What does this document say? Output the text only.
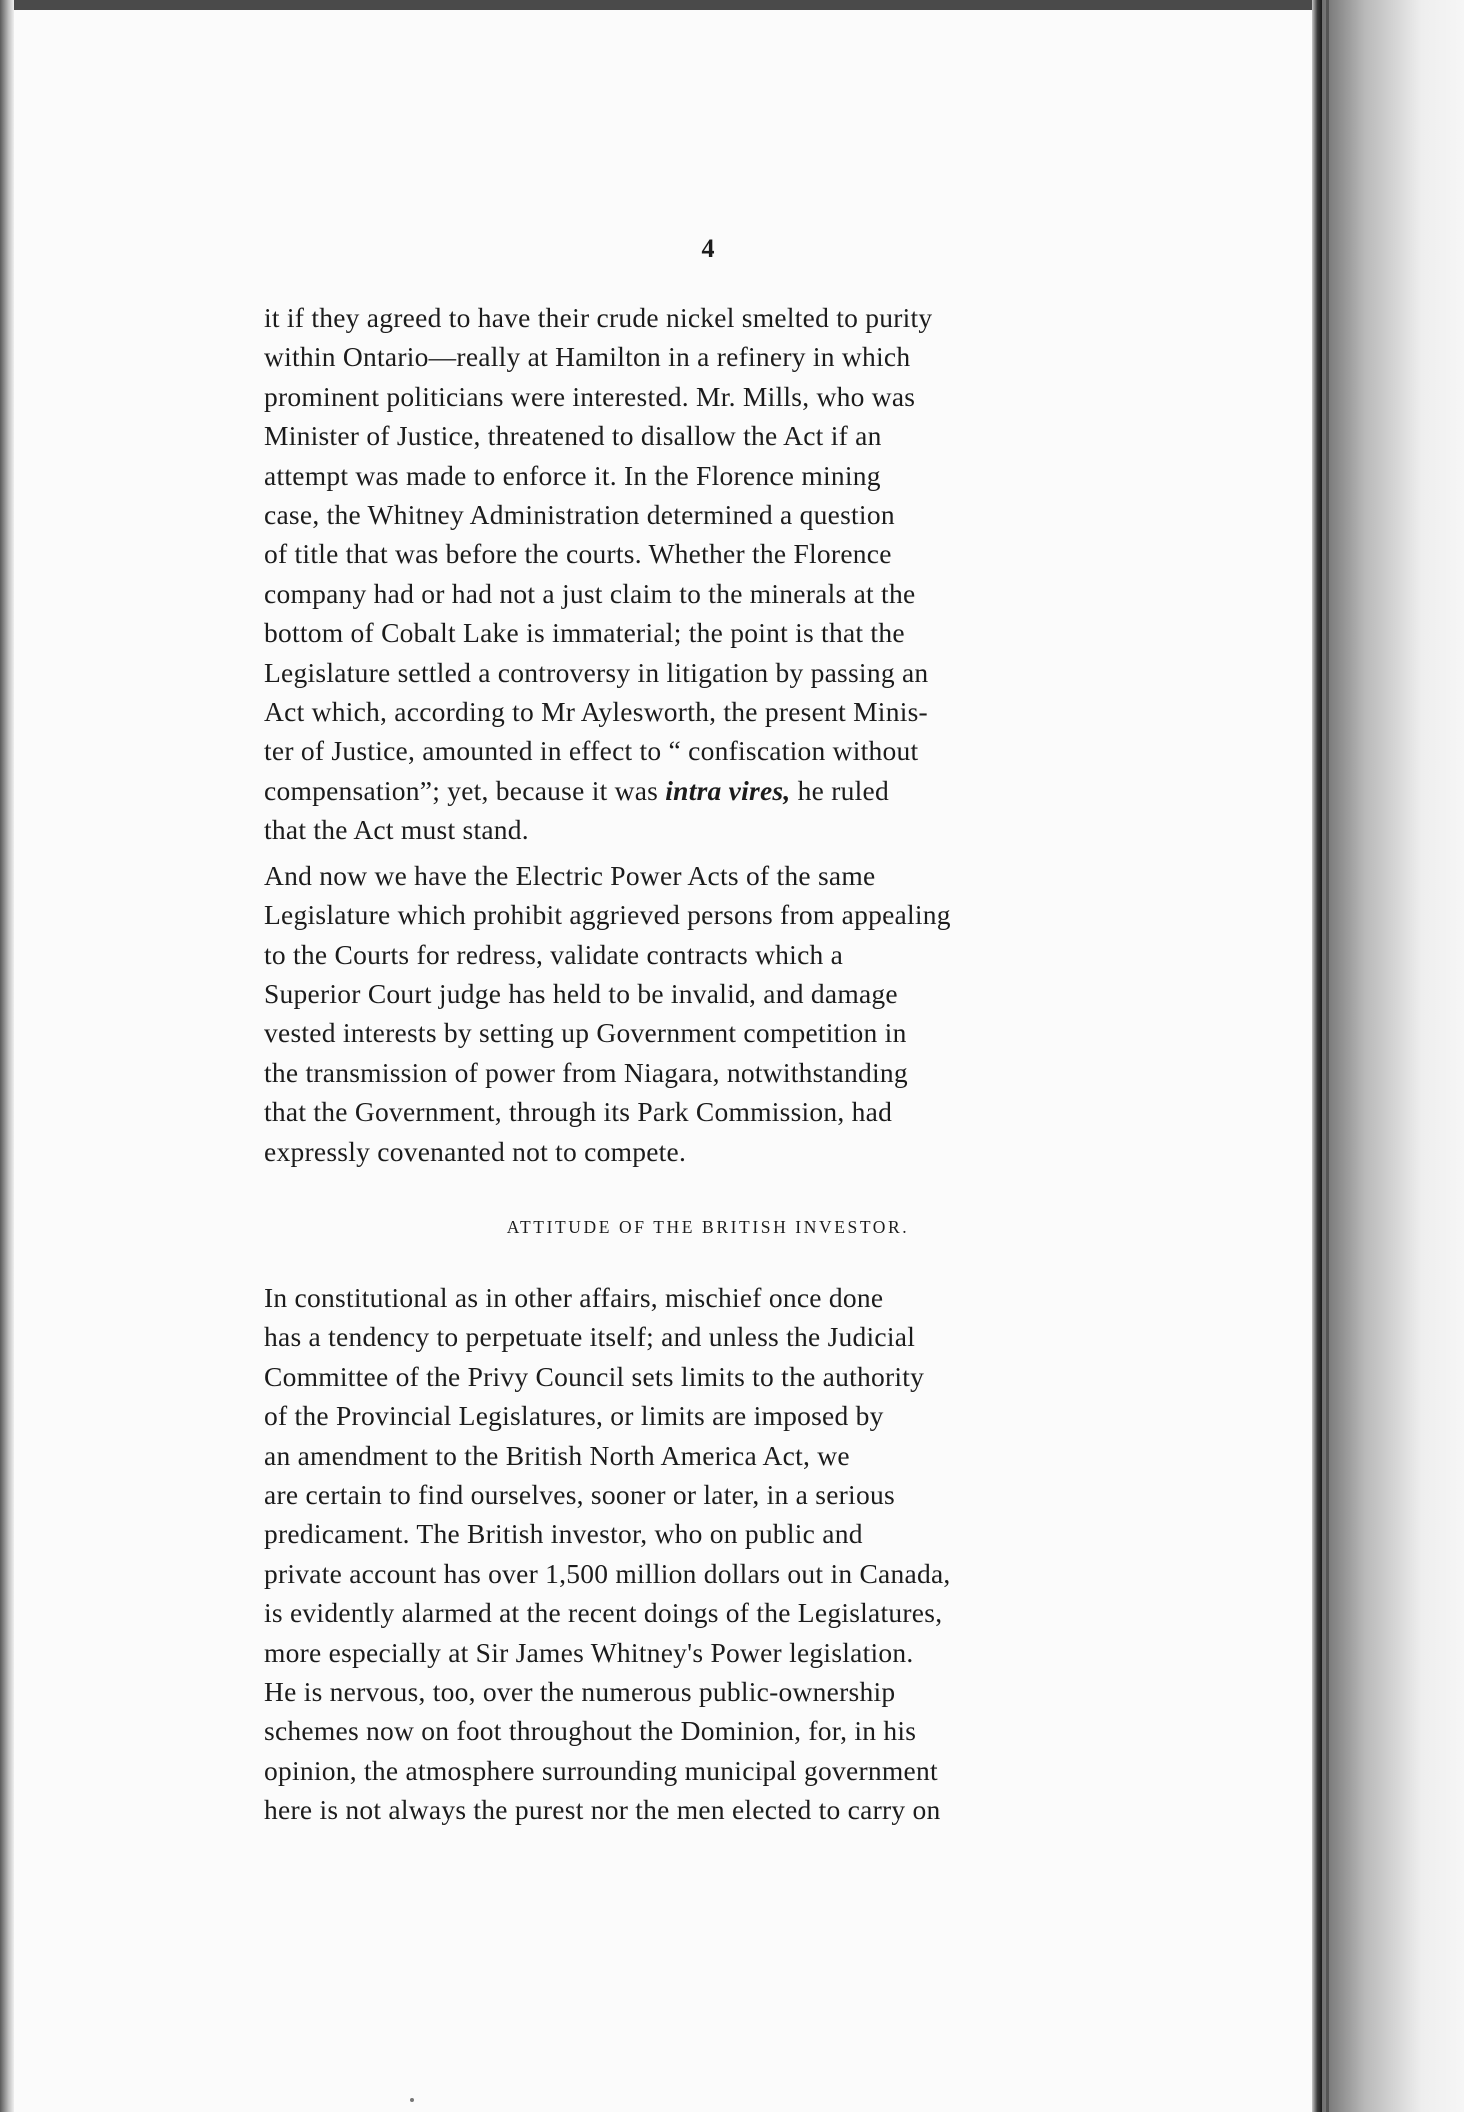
4

it if they agreed to have their crude nickel smelted to purity
within Ontario—really at Hamilton in a refinery in which
prominent politicians were interested. Mr. Mills, who was
Minister of Justice, threatened to disallow the Act if an
attempt was made to enforce it. In the Florence mining
case, the Whitney Administration determined a question
of title that was before the courts. Whether the Florence
company had or had not a just claim to the minerals at the
bottom of Cobalt Lake is immaterial; the point is that the
Legislature settled a controversy in litigation by passing an
Act which, according to Mr Aylesworth, the present Minis-
ter of Justice, amounted in effect to “ confiscation without
compensation”; yet, because it was intra vires, he ruled
that the Act must stand.

And now we have the Electric Power Acts of the same
Legislature which prohibit aggrieved persons from appealing
to the Courts for redress, validate contracts which a
Superior Court judge has held to be invalid, and damage
vested interests by setting up Government competition in
the transmission of power from Niagara, notwithstanding
that the Government, through its Park Commission, had
expressly covenanted not to compete.

ATTITUDE OF THE BRITISH INVESTOR.

In constitutional as in other affairs, mischief once done
has a tendency to perpetuate itself; and unless the Judicial
Committee of the Privy Council sets limits to the authority
of the Provincial Legislatures, or limits are imposed by
an amendment to the British North America Act, we
are certain to find ourselves, sooner or later, in a serious
predicament. The British investor, who on public and
private account has over 1,500 million dollars out in Canada,
is evidently alarmed at the recent doings of the Legislatures,
more especially at Sir James Whitney's Power legislation.
He is nervous, too, over the numerous public-ownership
schemes now on foot throughout the Dominion, for, in his
opinion, the atmosphere surrounding municipal government
here is not always the purest nor the men elected to carry on
